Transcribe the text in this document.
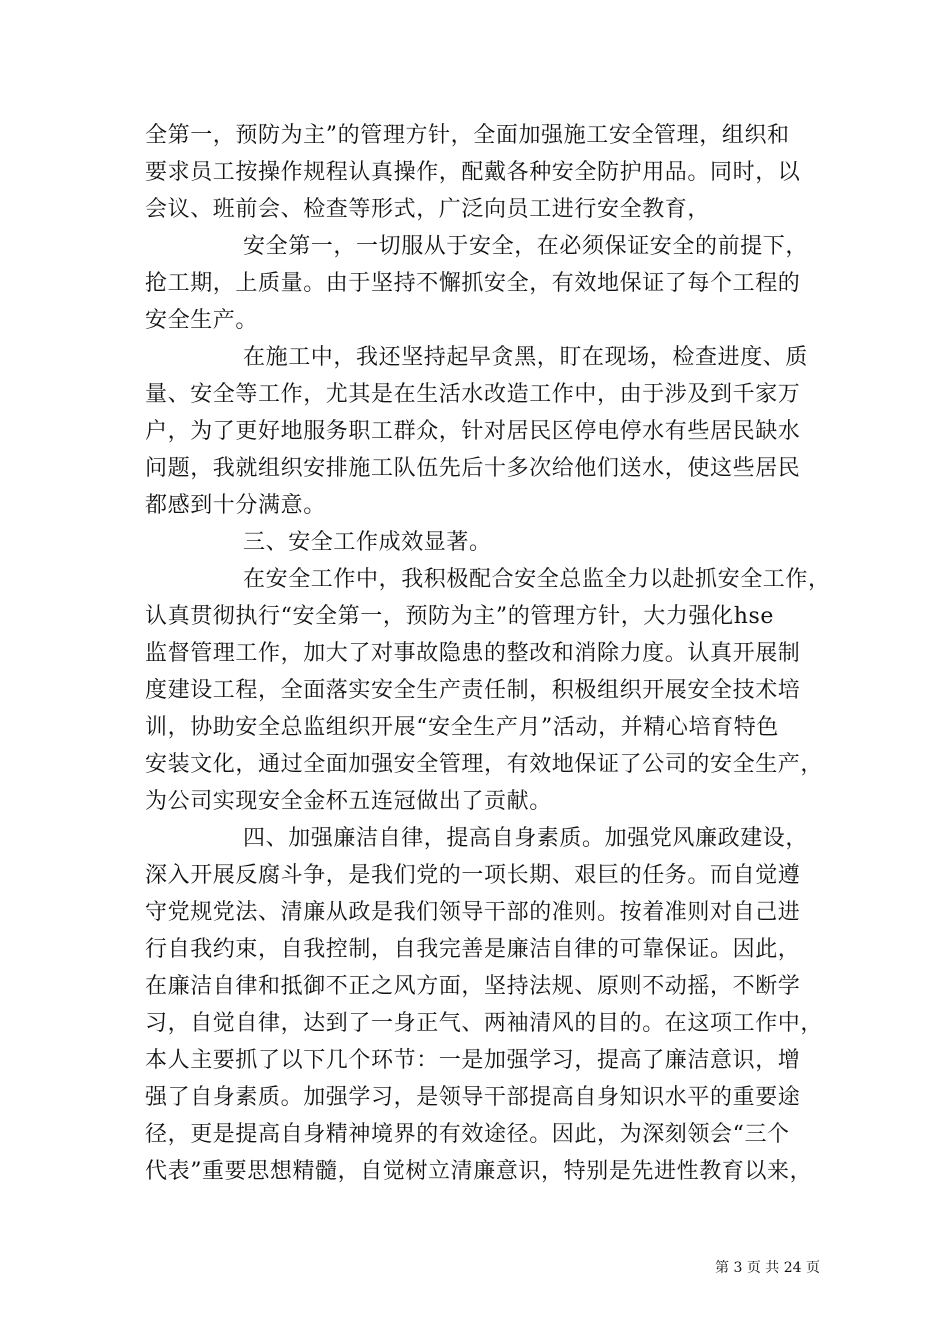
全第一，预防为主”的管理方针，全面加强施工安全管理，组织和
要求员工按操作规程认真操作，配戴各种安全防护用品。同时，以
会议、班前会、检查等形式，广泛向员工进行安全教育，
安全第一，一切服从于安全，在必须保证安全的前提下，
抢工期，上质量。由于坚持不懈抓安全，有效地保证了每个工程的
安全生产。
在施工中，我还坚持起早贪黑，盯在现场，检查进度、质
量、安全等工作，尤其是在生活水改造工作中，由于涉及到千家万
户，为了更好地服务职工群众，针对居民区停电停水有些居民缺水
问题，我就组织安排施工队伍先后十多次给他们送水，使这些居民
都感到十分满意。
三、安全工作成效显著。
在安全工作中，我积极配合安全总监全力以赴抓安全工作，
认真贯彻执行“安全第一，预防为主”的管理方针，大力强化hse
监督管理工作，加大了对事故隐患的整改和消除力度。认真开展制
度建设工程，全面落实安全生产责任制，积极组织开展安全技术培
训，协助安全总监组织开展“安全生产月”活动，并精心培育特色
安装文化，通过全面加强安全管理，有效地保证了公司的安全生产，
为公司实现安全金杯五连冠做出了贡献。
四、加强廉洁自律，提高自身素质。加强党风廉政建设，
深入开展反腐斗争，是我们党的一项长期、艰巨的任务。而自觉遵
守党规党法、清廉从政是我们领导干部的准则。按着准则对自己进
行自我约束，自我控制，自我完善是廉洁自律的可靠保证。因此，
在廉洁自律和抵御不正之风方面，坚持法规、原则不动摇，不断学
习，自觉自律，达到了一身正气、两袖清风的目的。在这项工作中，
本人主要抓了以下几个环节：一是加强学习，提高了廉洁意识，增
强了自身素质。加强学习，是领导干部提高自身知识水平的重要途
径，更是提高自身精神境界的有效途径。因此，为深刻领会“三个
代表”重要思想精髓，自觉树立清廉意识，特别是先进性教育以来，
第 3 页 共 24 页
